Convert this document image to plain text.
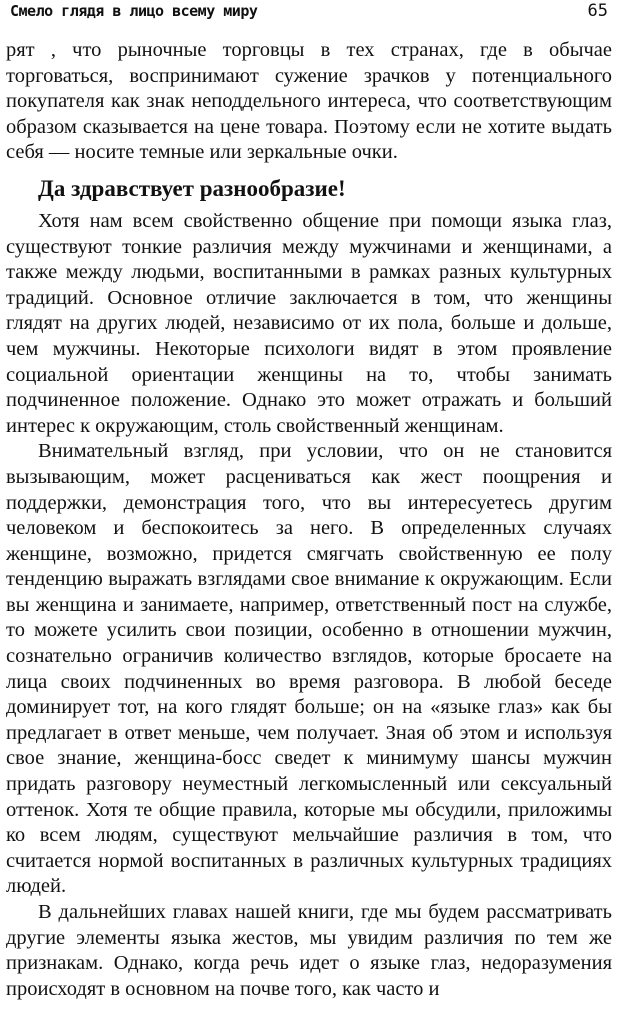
Смело глядя в лицо всему миру	65

рят , что рыночные торговцы в тех странах, где в обычае торговаться, воспринимают сужение зрачков у потенциального покупателя как знак неподдельного интереса, что соответствующим образом сказывается на цене товара. Поэтому если не хотите выдать себя — носите темные или зеркальные очки.

Да здравствует разнообразие!

Хотя нам всем свойственно общение при помощи языка глаз, существуют тонкие различия между мужчинами и женщинами, а также между людьми, воспитанными в рамках разных культурных традиций. Основное отличие заключается в том, что женщины глядят на других людей, независимо от их пола, больше и дольше, чем мужчины. Некоторые психологи видят в этом проявление социальной ориентации женщины на то, чтобы занимать подчиненное положение. Однако это может отражать и больший интерес к окружающим, столь свойственный женщинам.

Внимательный взгляд, при условии, что он не становится вызывающим, может расцениваться как жест поощрения и поддержки, демонстрация того, что вы интересуетесь другим человеком и беспокоитесь за него. В определенных случаях женщине, возможно, придется смягчать свойственную ее полу тенденцию выражать взглядами свое внимание к окружающим. Если вы женщина и занимаете, например, ответственный пост на службе, то можете усилить свои позиции, особенно в отношении мужчин, сознательно ограничив количество взглядов, которые бросаете на лица своих подчиненных во время разговора. В любой беседе доминирует тот, на кого глядят больше; он на «языке глаз» как бы предлагает в ответ меньше, чем получает. Зная об этом и используя свое знание, женщина-босс сведет к минимуму шансы мужчин придать разговору неуместный легкомысленный или сексуальный оттенок. Хотя те общие правила, которые мы обсудили, приложимы ко всем людям, существуют мельчайшие различия в том, что считается нормой воспитанных в различных культурных традициях людей.

В дальнейших главах нашей книги, где мы будем рассматривать другие элементы языка жестов, мы увидим различия по тем же признакам. Однако, когда речь идет о языке глаз, недоразумения происходят в основном на почве того, как часто и
